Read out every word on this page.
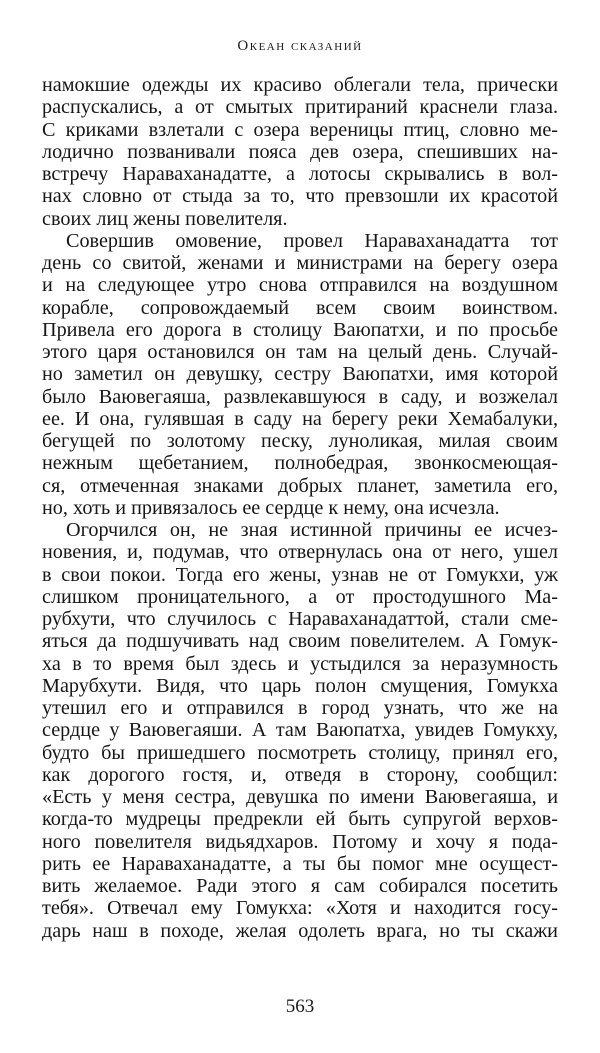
Океан сказаний
намокшие одежды их красиво облегали тела, прически
распускались, а от смытых притираний краснели глаза.
С криками взлетали с озера вереницы птиц, словно ме-
лодично позванивали пояса дев озера, спешивших на-
встречу Нараваханадатте, а лотосы скрывались в вол-
нах словно от стыда за то, что превзошли их красотой
своих лиц жены повелителя.
Совершив омовение, провел Нараваханадатта тот
день со свитой, женами и министрами на берегу озера
и на следующее утро снова отправился на воздушном
корабле, сопровождаемый всем своим воинством.
Привела его дорога в столицу Ваюпатхи, и по просьбе
этого царя остановился он там на целый день. Случай-
но заметил он девушку, сестру Ваюпатхи, имя которой
было Ваювегаяша, развлекавшуюся в саду, и возжелал
ее. И она, гулявшая в саду на берегу реки Хемабалуки,
бегущей по золотому песку, луноликая, милая своим
нежным щебетанием, полнобедрая, звонкосмеющая-
ся, отмеченная знаками добрых планет, заметила его,
но, хоть и привязалось ее сердце к нему, она исчезла.
Огорчился он, не зная истинной причины ее исчез-
новения, и, подумав, что отвернулась она от него, ушел
в свои покои. Тогда его жены, узнав не от Гомукхи, уж
слишком проницательного, а от простодушного Ма-
рубхути, что случилось с Нараваханадаттой, стали сме-
яться да подшучивать над своим повелителем. А Гомук-
ха в то время был здесь и устыдился за неразумность
Марубхути. Видя, что царь полон смущения, Гомукха
утешил его и отправился в город узнать, что же на
сердце у Ваювегаяши. А там Ваюпатха, увидев Гомукху,
будто бы пришедшего посмотреть столицу, принял его,
как дорогого гостя, и, отведя в сторону, сообщил:
«Есть у меня сестра, девушка по имени Ваювегаяша, и
когда-то мудрецы предрекли ей быть супругой верхов-
ного повелителя видьядхаров. Потому и хочу я пода-
рить ее Нараваханадатте, а ты бы помог мне осущест-
вить желаемое. Ради этого я сам собирался посетить
тебя». Отвечал ему Гомукха: «Хотя и находится госу-
дарь наш в походе, желая одолеть врага, но ты скажи
563
